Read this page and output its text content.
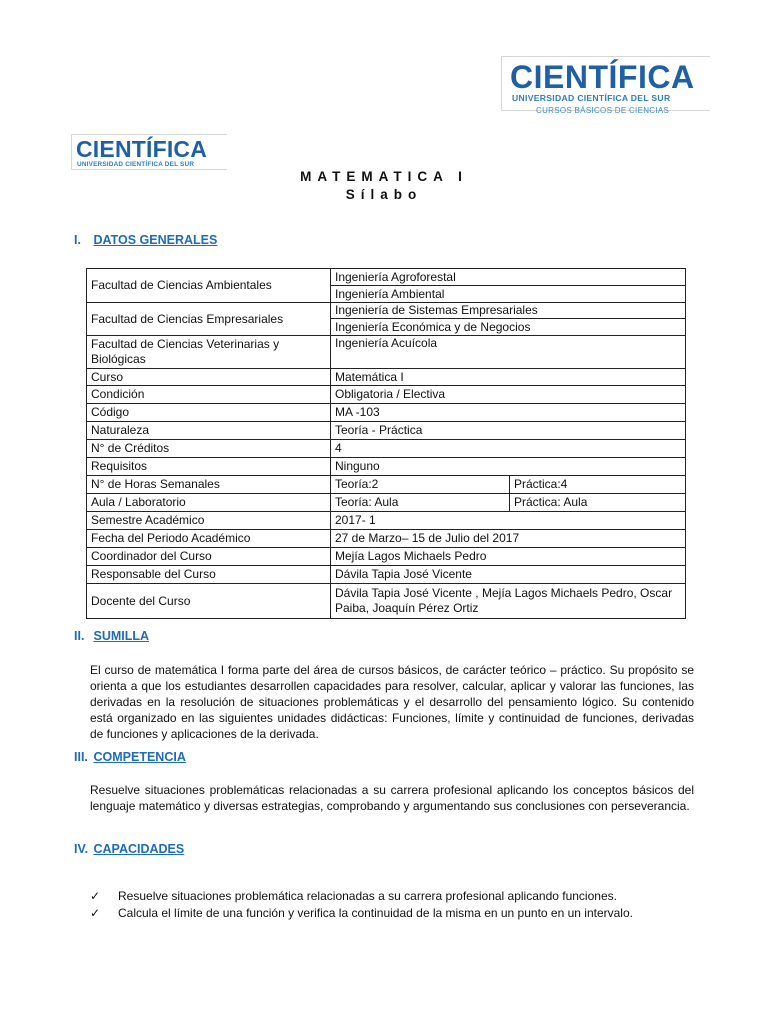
CIENTÍFICA
UNIVERSIDAD CIENTÍFICA DEL SUR
CURSOS BÁSICOS DE CIENCIAS
CIENTÍFICA
UNIVERSIDAD CIENTÍFICA DEL SUR
MATEMATICA I
Sílabo
I. DATOS GENERALES
Facultad de Ciencias Ambientales	Ingeniería Agroforestal	
	Ingeniería Ambiental	
Facultad de Ciencias Empresariales	Ingeniería de Sistemas Empresariales	
	Ingeniería Económica y de Negocios	
Facultad de Ciencias Veterinarias y Biológicas	Ingeniería Acuícola	
Curso	Matemática I	
Condición	Obligatoria / Electiva	
Código	MA -103	
Naturaleza	Teoría - Práctica	
N° de Créditos	4	
Requisitos	Ninguno	
N° de Horas Semanales	Teoría:2	Práctica:4
Aula / Laboratorio	Teoría: Aula	Práctica: Aula
Semestre Académico	2017- 1	
Fecha del Periodo Académico	27 de Marzo– 15 de Julio del 2017	
Coordinador del Curso	Mejía Lagos Michaels Pedro	
Responsable del Curso	Dávila Tapia José Vicente	
Docente del Curso	Dávila Tapia José Vicente , Mejía Lagos Michaels Pedro, Oscar Paiba, Joaquín Pérez Ortiz	
II. SUMILLA

El curso de matemática I forma parte del área de cursos básicos, de carácter teórico – práctico. Su propósito se orienta a que los estudiantes desarrollen capacidades para resolver, calcular, aplicar y valorar las funciones, las derivadas en la resolución de situaciones problemáticas y el desarrollo del pensamiento lógico. Su contenido está organizado en las siguientes unidades didácticas: Funciones, límite y continuidad de funciones, derivadas de funciones y aplicaciones de la derivada.

III. COMPETENCIA

Resuelve situaciones problemáticas relacionadas a su carrera profesional aplicando los conceptos básicos del lenguaje matemático y diversas estrategias, comprobando y argumentando sus conclusiones con perseverancia.

IV. CAPACIDADES
✓	Resuelve situaciones problemática relacionadas a su carrera profesional aplicando funciones.
✓	Calcula el límite de una función y verifica la continuidad de la misma en un punto en un intervalo.
